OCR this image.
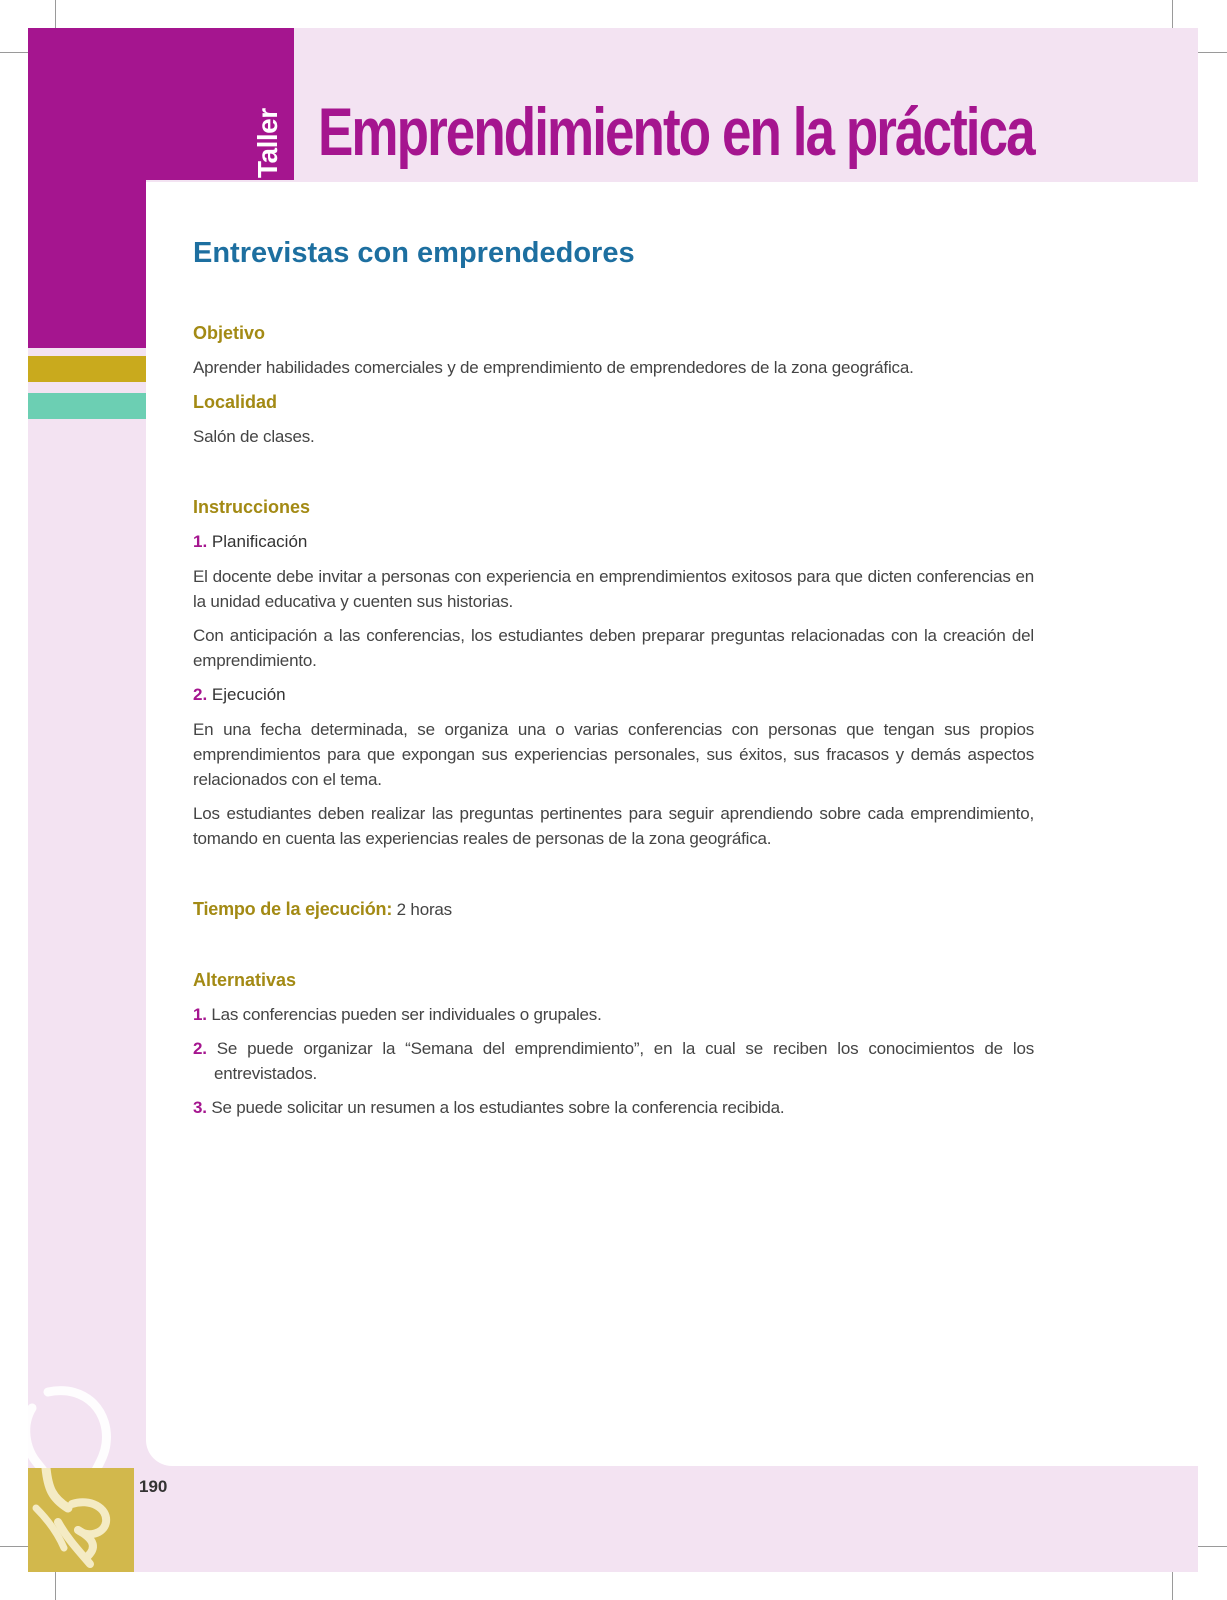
Taller Emprendimiento en la práctica
Entrevistas con emprendedores
Objetivo

Aprender habilidades comerciales y de emprendimiento de emprendedores de la zona geográfica.

Localidad

Salón de clases.

Instrucciones
1. Planificación

El docente debe invitar a personas con experiencia en emprendimientos exitosos para que dicten conferencias en la unidad educativa y cuenten sus historias.

Con anticipación a las conferencias, los estudiantes deben preparar preguntas relacionadas con la creación del emprendimiento.

2. Ejecución

En una fecha determinada, se organiza una o varias conferencias con personas que tengan sus propios emprendimientos para que expongan sus experiencias personales, sus éxitos, sus fracasos y demás aspectos relacionados con el tema.

Los estudiantes deben realizar las preguntas pertinentes para seguir aprendiendo sobre cada emprendimiento, tomando en cuenta las experiencias reales de personas de la zona geográfica.

Tiempo de la ejecución: 2 horas

Alternativas
1. Las conferencias pueden ser individuales o grupales.
2. Se puede organizar la “Semana del emprendimiento”, en la cual se reciben los conocimientos de los entrevistados.
3. Se puede solicitar un resumen a los estudiantes sobre la conferencia recibida.
190
